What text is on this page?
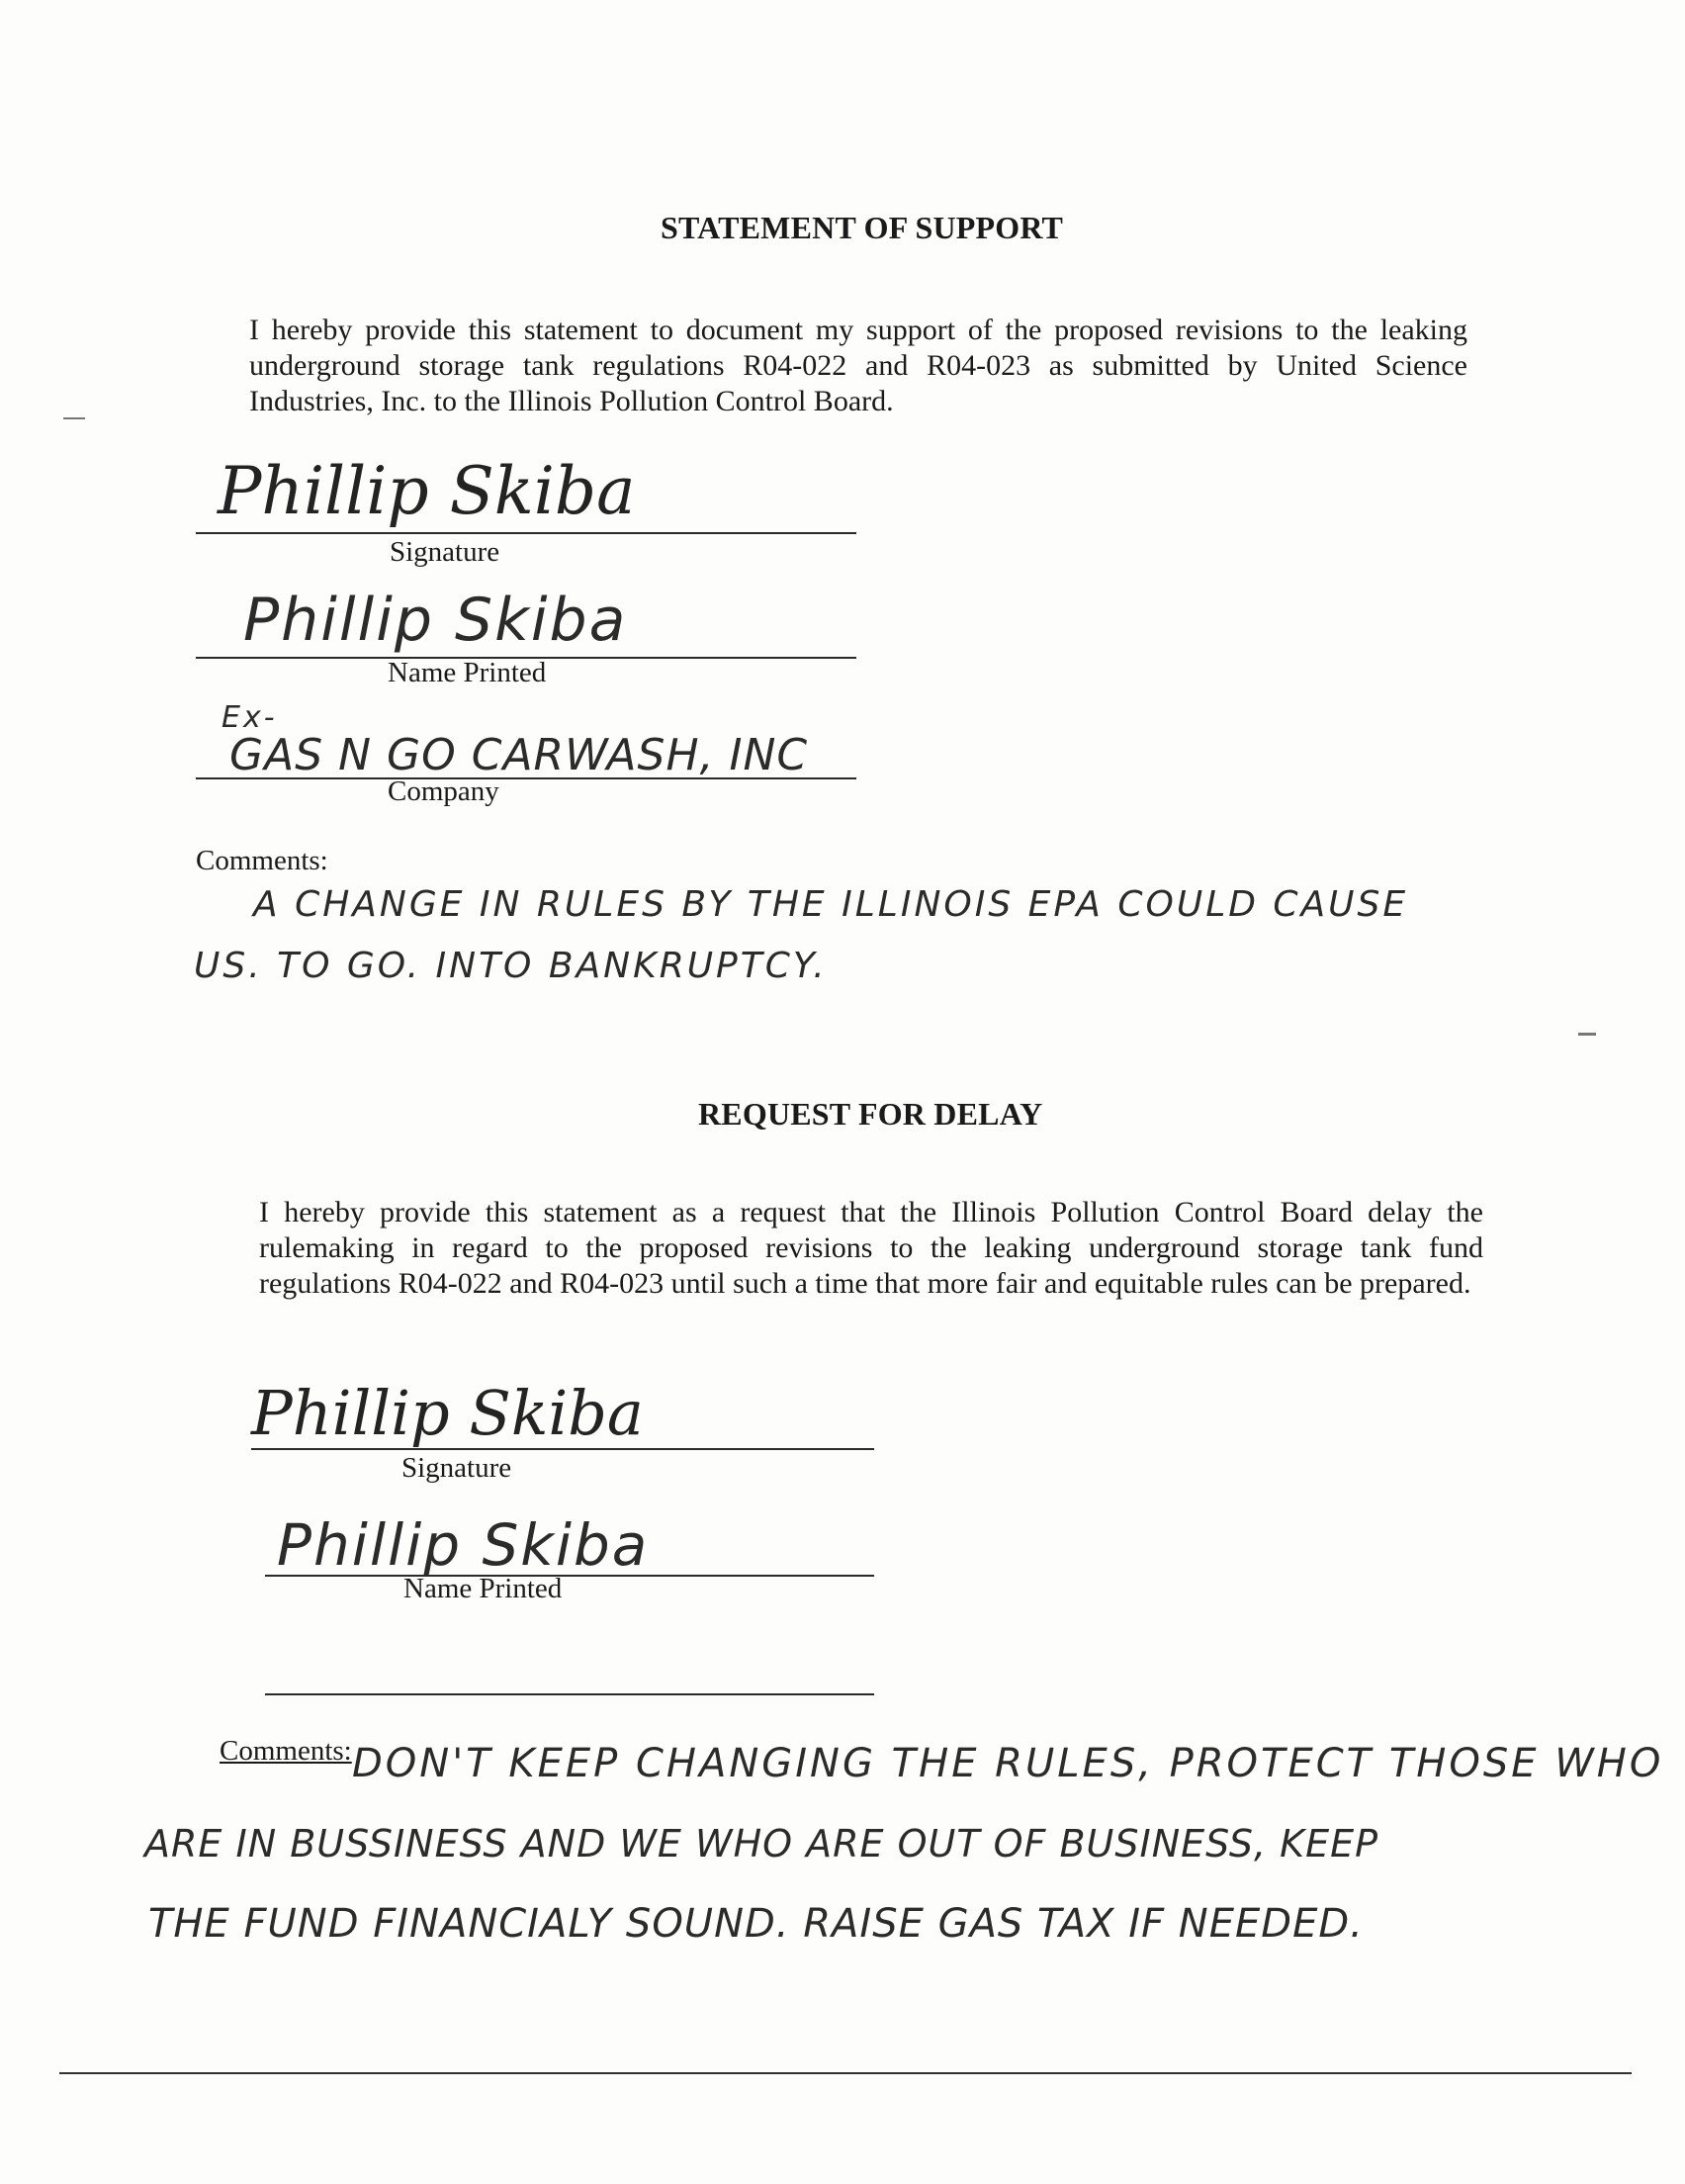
STATEMENT OF SUPPORT
I hereby provide this statement to document my support of the proposed revisions to the leaking underground storage tank regulations R04-022 and R04-023 as submitted by United Science Industries, Inc. to the Illinois Pollution Control Board.
Phillip Skiba
Signature
Phillip Skiba
Name Printed
Ex-
GAS N GO CARWASH, INC
Company
Comments:
A CHANGE IN RULES BY THE ILLINOIS EPA COULD CAUSE
US. TO GO. INTO BANKRUPTCY.
REQUEST FOR DELAY
I hereby provide this statement as a request that the Illinois Pollution Control Board delay the rulemaking in regard to the proposed revisions to the leaking underground storage tank fund regulations R04-022 and R04-023 until such a time that more fair and equitable rules can be prepared.
Phillip Skiba
Signature
Phillip Skiba
Name Printed
Comments: DON'T KEEP CHANGING THE RULES, PROTECT THOSE WHO
ARE IN BUSSINESS AND WE WHO ARE OUT OF BUSINESS, KEEP
THE FUND FINANCIALY SOUND. RAISE GAS TAX IF NEEDED.
